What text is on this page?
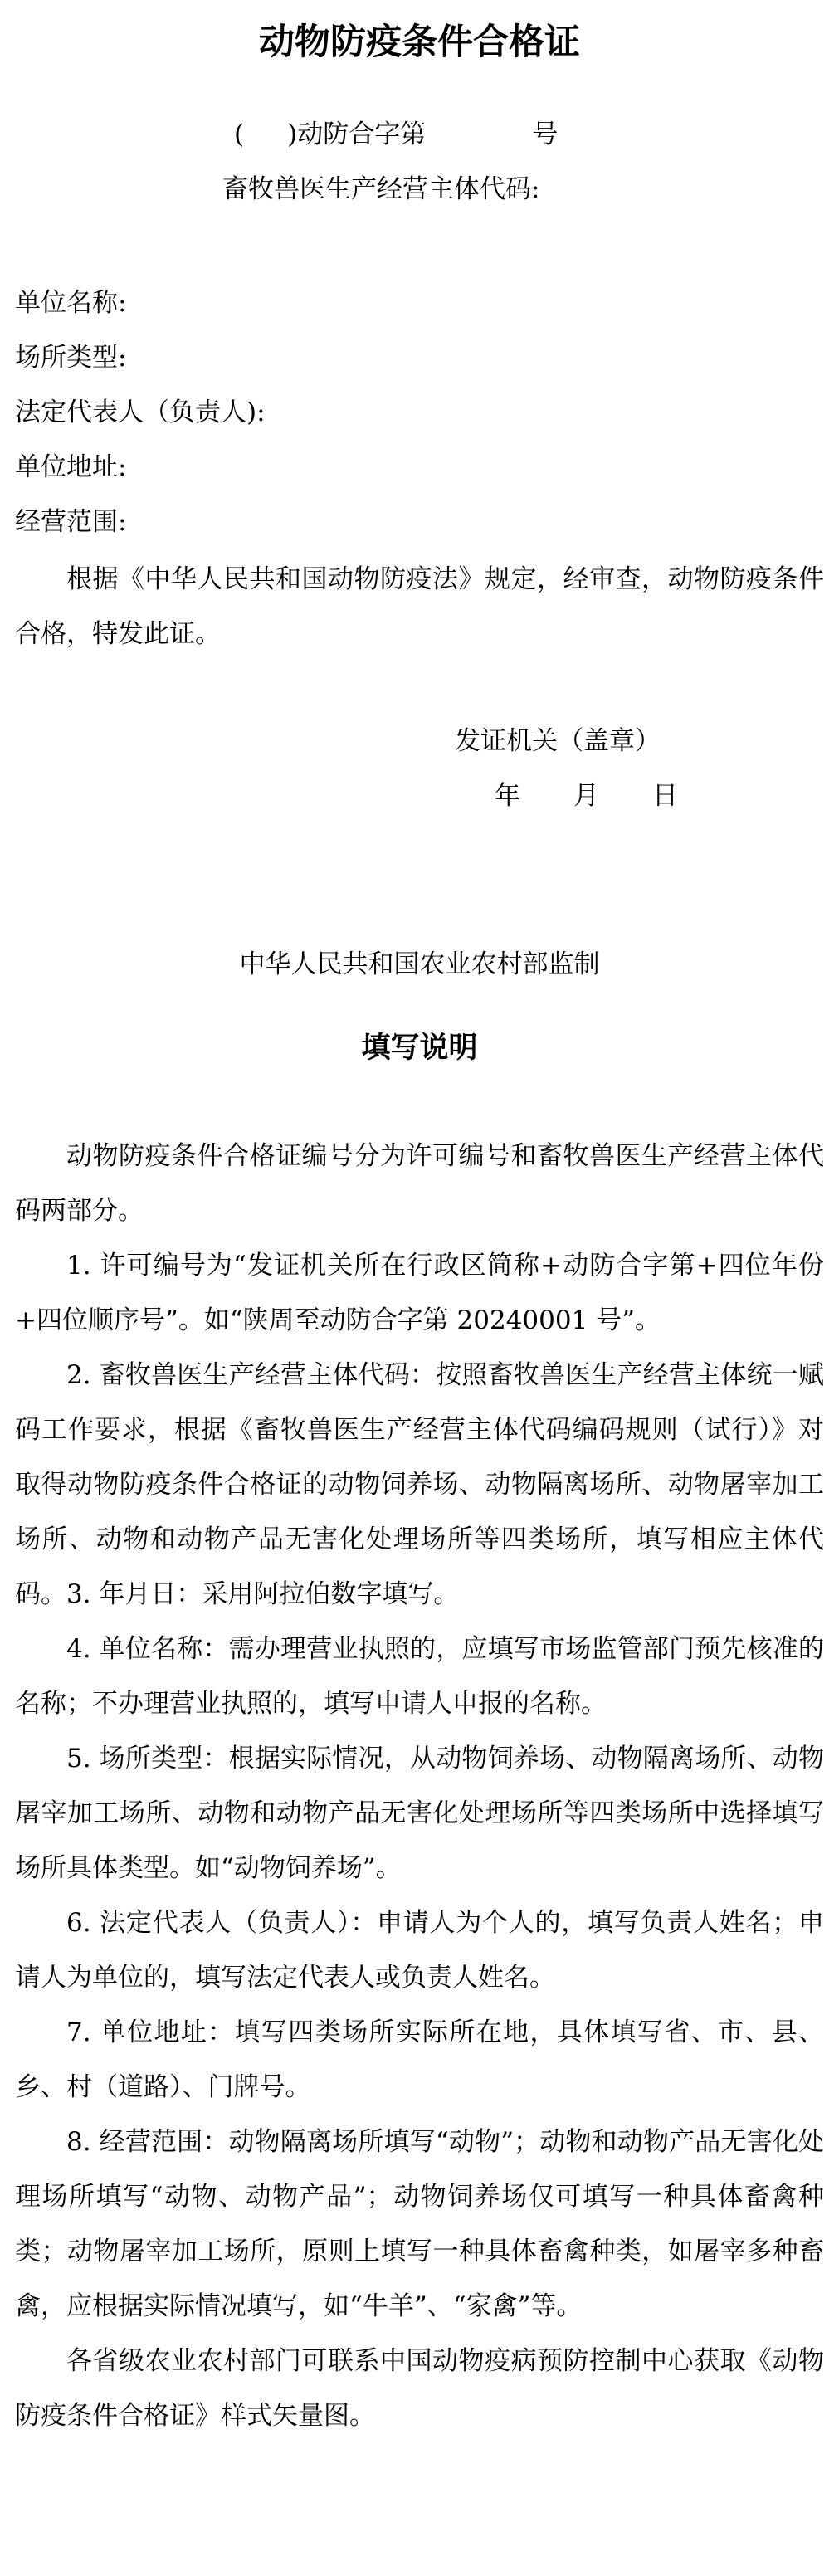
动物防疫条件合格证
( )动防合字第	号
畜牧兽医生产经营主体代码:
单位名称:
场所类型:
法定代表人（负责人):
单位地址:
经营范围:
根据《中华人民共和国动物防疫法》规定，经审查，动物防疫条件合格，特发此证。
发证机关（盖章）
年 月 日
中华人民共和国农业农村部监制
填写说明
动物防疫条件合格证编号分为许可编号和畜牧兽医生产经营主体代码两部分。
1. 许可编号为“发证机关所在行政区简称+动防合字第+四位年份+四位顺序号”。如“陕周至动防合字第 20240001 号”。
2. 畜牧兽医生产经营主体代码：按照畜牧兽医生产经营主体统一赋码工作要求，根据《畜牧兽医生产经营主体代码编码规则（试行）》对取得动物防疫条件合格证的动物饲养场、动物隔离场所、动物屠宰加工场所、动物和动物产品无害化处理场所等四类场所，填写相应主体代码。 3. 年月日：采用阿拉伯数字填写。
4. 单位名称：需办理营业执照的，应填写市场监管部门预先核准的名称；不办理营业执照的，填写申请人申报的名称。
5. 场所类型：根据实际情况，从动物饲养场、动物隔离场所、动物屠宰加工场所、动物和动物产品无害化处理场所等四类场所中选择填写场所具体类型。如“动物饲养场”。
6. 法定代表人（负责人）：申请人为个人的，填写负责人姓名；申请人为单位的，填写法定代表人或负责人姓名。
7. 单位地址：填写四类场所实际所在地，具体填写省、市、县、乡、村（道路）、门牌号。
8. 经营范围：动物隔离场所填写“动物”；动物和动物产品无害化处理场所填写“动物、动物产品”；动物饲养场仅可填写一种具体畜禽种类；动物屠宰加工场所，原则上填写一种具体畜禽种类，如屠宰多种畜禽，应根据实际情况填写，如“牛羊”、“家禽”等。
各省级农业农村部门可联系中国动物疫病预防控制中心获取《动物防疫条件合格证》样式矢量图。
